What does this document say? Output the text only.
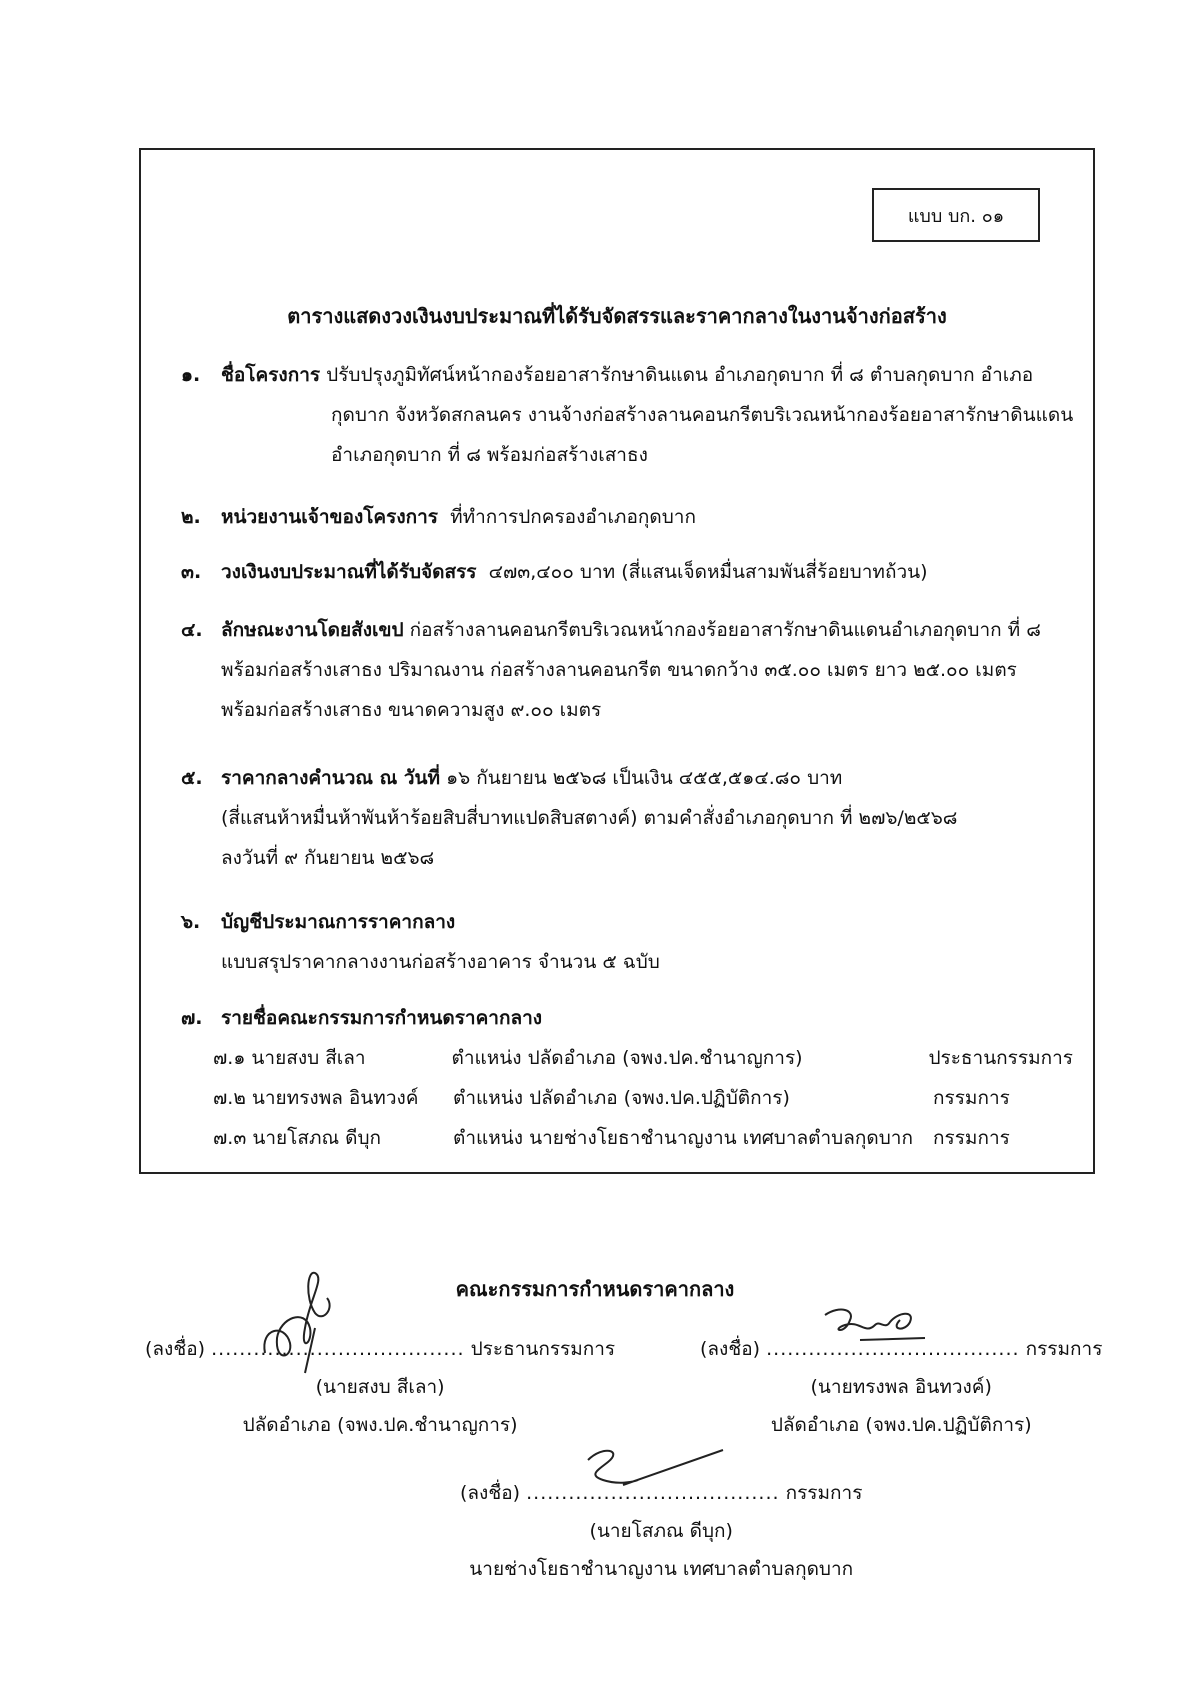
แบบ บก. ๐๑
ตารางแสดงวงเงินงบประมาณที่ได้รับจัดสรรและราคากลางในงานจ้างก่อสร้าง
๑.	ชื่อโครงการ ปรับปรุงภูมิทัศน์หน้ากองร้อยอาสารักษาดินแดน อำเภอกุดบาก ที่ ๘ ตำบลกุดบาก อำเภอ
กุดบาก จังหวัดสกลนคร งานจ้างก่อสร้างลานคอนกรีตบริเวณหน้ากองร้อยอาสารักษาดินแดน
อำเภอกุดบาก ที่ ๘ พร้อมก่อสร้างเสาธง
๒.	หน่วยงานเจ้าของโครงการ ที่ทำการปกครองอำเภอกุดบาก
๓.	วงเงินงบประมาณที่ได้รับจัดสรร ๔๗๓,๔๐๐ บาท (สี่แสนเจ็ดหมื่นสามพันสี่ร้อยบาทถ้วน)
๔. ลักษณะงานโดยสังเขป ก่อสร้างลานคอนกรีตบริเวณหน้ากองร้อยอาสารักษาดินแดนอำเภอกุดบาก ที่ ๘
พร้อมก่อสร้างเสาธง ปริมาณงาน ก่อสร้างลานคอนกรีต ขนาดกว้าง ๓๕.๐๐ เมตร ยาว ๒๕.๐๐ เมตร
พร้อมก่อสร้างเสาธง ขนาดความสูง ๙.๐๐ เมตร
๕. ราคากลางคำนวณ ณ วันที่ ๑๖ กันยายน ๒๕๖๘ เป็นเงิน ๔๕๕,๕๑๔.๘๐ บาท
(สี่แสนห้าหมื่นห้าพันห้าร้อยสิบสี่บาทแปดสิบสตางค์) ตามคำสั่งอำเภอกุดบาก ที่ ๒๗๖/๒๕๖๘
ลงวันที่ ๙ กันยายน ๒๕๖๘
๖.	บัญชีประมาณการราคากลาง
แบบสรุปราคากลางงานก่อสร้างอาคาร จำนวน ๕ ฉบับ
๗. รายชื่อคณะกรรมการกำหนดราคากลาง
๗.๑ นายสงบ สีเลา	ตำแหน่ง ปลัดอำเภอ (จพง.ปค.ชำนาญการ)	ประธานกรรมการ
๗.๒ นายทรงพล อินทวงค์	ตำแหน่ง ปลัดอำเภอ (จพง.ปค.ปฏิบัติการ)	กรรมการ
๗.๓ นายโสภณ ดีบุก	ตำแหน่ง นายช่างโยธาชำนาญงาน เทศบาลตำบลกุดบาก	กรรมการ
คณะกรรมการกำหนดราคากลาง
(ลงชื่อ) .................................... ประธานกรรมการ
(นายสงบ สีเลา)
ปลัดอำเภอ (จพง.ปค.ชำนาญการ)
(ลงชื่อ) .................................... กรรมการ
(นายทรงพล อินทวงค์)
ปลัดอำเภอ (จพง.ปค.ปฏิบัติการ)
(ลงชื่อ) .................................... กรรมการ
(นายโสภณ ดีบุก)
นายช่างโยธาชำนาญงาน เทศบาลตำบลกุดบาก
